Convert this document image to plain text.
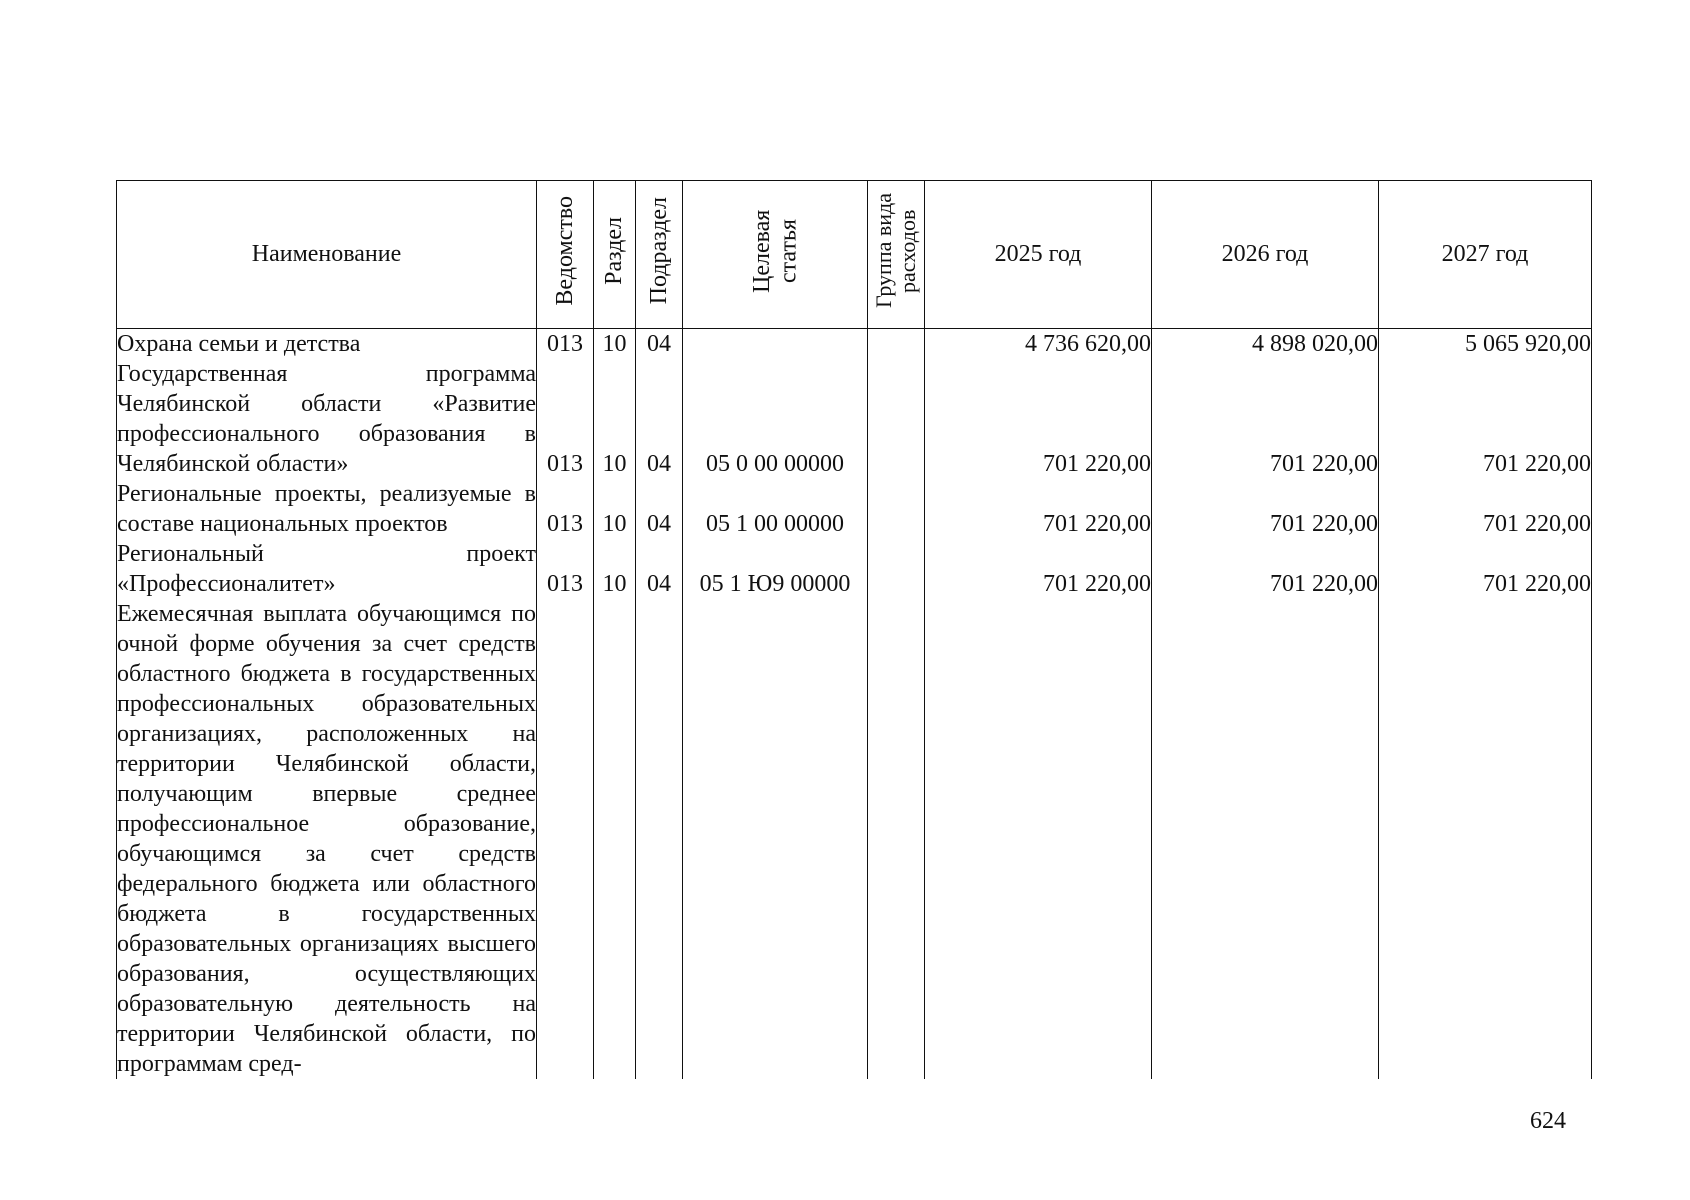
Наименование	Ведомство	Раздел	Подраздел	Целевая статья	Группа вида расходов	2025 год	2026 год	2027 год

Охрана семьи и детства	013	10	04			4 736 620,00	4 898 020,00	5 065 920,00

Государственная программа Челябинской области «Развитие профессионального образования в Челябинской области»	013	10	04	05 0 00 00000		701 220,00	701 220,00	701 220,00

Региональные проекты, реализуемые в составе национальных проектов	013	10	04	05 1 00 00000		701 220,00	701 220,00	701 220,00

Региональный проект «Профессионалитет»	013	10	04	05 1 Ю9 00000		701 220,00	701 220,00	701 220,00

Ежемесячная выплата обучающимся по очной форме обучения за счет средств областного бюджета в государственных профессиональных образовательных организациях, расположенных на территории Челябинской области, получающим впервые среднее профессиональное образование, обучающимся за счет средств федерального бюджета или областного бюджета в государственных образовательных организациях высшего образования, осуществляющих образовательную деятельность на территории Челябинской области, по программам сред-								

624
